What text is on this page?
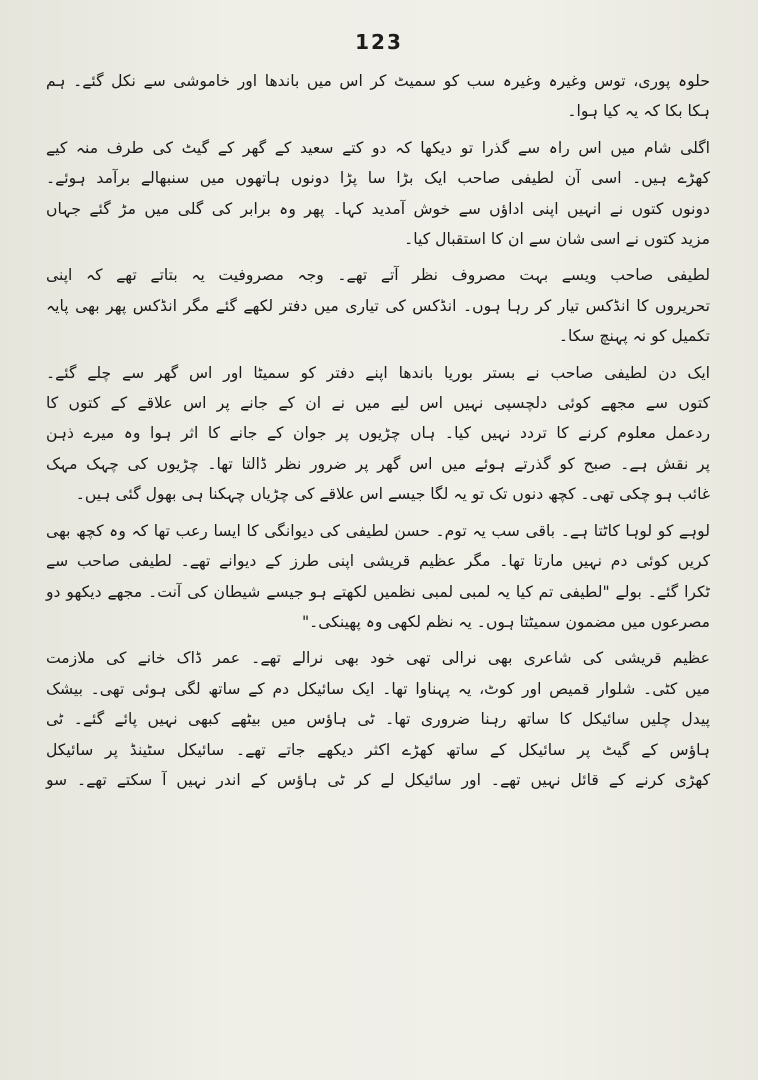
123

حلوہ پوری، توس وغیرہ وغیرہ سب کو سمیٹ کر اس میں باندھا اور خاموشی سے نکل گئے۔ ہم
ہکا بکا کہ یہ کیا ہوا۔

اگلی شام میں اس راہ سے گذرا تو دیکھا کہ دو کتے سعید کے گھر کے گیٹ کی طرف منہ کیے
کھڑے ہیں۔ اسی آن لطیفی صاحب ایک بڑا سا پڑا دونوں ہاتھوں میں سنبھالے برآمد ہوئے۔
دونوں کتوں نے انہیں اپنی اداؤں سے خوش آمدید کہا۔ پھر وہ برابر کی گلی میں مڑ گئے جہاں
مزید کتوں نے اسی شان سے ان کا استقبال کیا۔

لطیفی صاحب ویسے بہت مصروف نظر آتے تھے۔ وجہ مصروفیت یہ بتاتے تھے کہ اپنی
تحریروں کا انڈکس تیار کر رہا ہوں۔ انڈکس کی تیاری میں دفتر لکھے گئے مگر انڈکس پھر بھی پایہ
تکمیل کو نہ پہنچ سکا۔

ایک دن لطیفی صاحب نے بستر بوریا باندھا اپنے دفتر کو سمیٹا اور اس گھر سے چلے گئے۔
کتوں سے مجھے کوئی دلچسپی نہیں اس لیے میں نے ان کے جانے پر اس علاقے کے کتوں کا
ردعمل معلوم کرنے کا تردد نہیں کیا۔ ہاں چڑیوں پر جوان کے جانے کا اثر ہوا وہ میرے ذہن
پر نقش ہے۔ صبح کو گذرتے ہوئے میں اس گھر پر ضرور نظر ڈالتا تھا۔ چڑیوں کی چہک مہک
غائب ہو چکی تھی۔ کچھ دنوں تک تو یہ لگا جیسے اس علاقے کی چڑیاں چہکنا ہی بھول گئی ہیں۔

لوہے کو لوہا کاٹتا ہے۔ باقی سب یہ توم۔ حسن لطیفی کی دیوانگی کا ایسا رعب تھا کہ وہ کچھ بھی
کریں کوئی دم نہیں مارتا تھا۔ مگر عظیم قریشی اپنی طرز کے دیوانے تھے۔ لطیفی صاحب سے
ٹکرا گئے۔ بولے "لطیفی تم کیا یہ لمبی لمبی نظمیں لکھتے ہو جیسے شیطان کی آنت۔ مجھے دیکھو دو
مصرعوں میں مضمون سمیٹتا ہوں۔ یہ نظم لکھی وہ پھینکی۔"

عظیم قریشی کی شاعری بھی نرالی تھی خود بھی نرالے تھے۔ عمر ڈاک خانے کی ملازمت
میں کٹی۔ شلوار قمیص اور کوٹ، یہ پہناوا تھا۔ ایک سائیکل دم کے ساتھ لگی ہوئی تھی۔ بیشک
پیدل چلیں سائیکل کا ساتھ رہنا ضروری تھا۔ ٹی ہاؤس میں بیٹھے کبھی نہیں پائے گئے۔ ٹی
ہاؤس کے گیٹ پر سائیکل کے ساتھ کھڑے اکثر دیکھے جاتے تھے۔ سائیکل سٹینڈ پر سائیکل
کھڑی کرنے کے قائل نہیں تھے۔ اور سائیکل لے کر ٹی ہاؤس کے اندر نہیں آ سکتے تھے۔ سو
